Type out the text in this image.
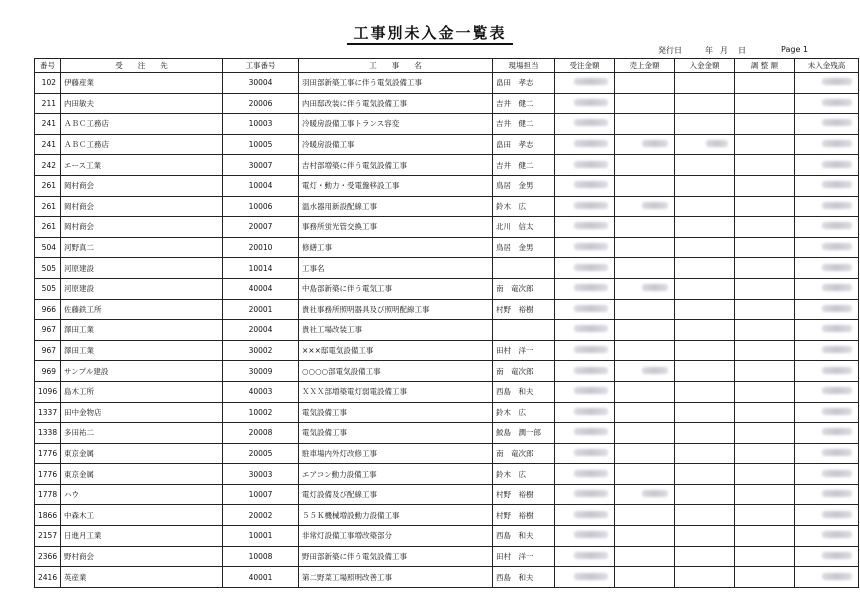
工事別未入金一覧表
発行日	年 月 日	Page 1
番号	受　　注　　先	工事番号	工　　事　　名	現場担当	受注金額	売上金額	入金金額	調 整 額	未入金残高
102	伊藤産業	30004	羽田部新築工事に伴う電気設備工事	畠田　孝志					
211	内田敏夫	20006	内田邸改装に伴う電気設備工事	吉井　健二					
241	ＡＢＣ工務店	10003	冷暖房設備工事トランス容変	吉井　健二					
241	ＡＢＣ工務店	10005	冷暖房設備工事	畠田　孝志					
242	エース工業	30007	吉村部増築に伴う電気設備工事	吉井　健二					
261	岡村商会	10004	電灯・動力・受電盤移設工事	鳥居　金男					
261	岡村商会	10006	温水器用新設配線工事	鈴木　広					
261	岡村商会	20007	事務所蛍光管交換工事	北川　信太					
504	河野真二	20010	修繕工事	鳥居　金男					
505	河原建設	10014	工事名						
505	河原建設	40004	中島部新築に伴う電気工事	南　竜次郎					
966	佐藤鉄工所	20001	貴社事務所照明器具及び照明配線工事	村野　裕樹					
967	澤田工業	20004	貴社工場改装工事						
967	澤田工業	30002	×××邸電気設備工事	田村　洋一					
969	サンプル建設	30009	○○○○部電気設備工事	南　竜次郎					
1096	島木工所	40003	ＸＸＸ部増築電灯弱電設備工事	西島　和夫					
1337	田中金物店	10002	電気設備工事	鈴木　広					
1338	多田祐二	20008	電気設備工事	鮫島　潤一郎					
1776	東京金属	20005	駐車場内外灯改修工事	南　竜次郎					
1776	東京金属	30003	エアコン動力設備工事	鈴木　広					
1778	ハウ	10007	電灯設備及び配線工事	村野　裕樹					
1866	中森木工	20002	５５Ｋ機械増設動力設備工事	村野　裕樹					
2157	日進月工業	10001	非常灯設備工事増改築部分	西島　和夫					
2366	野村商会	10008	野田部新築に伴う電気設備工事	田村　洋一					
2416	英産業	40001	第二野菜工場照明改善工事	西島　和夫					
